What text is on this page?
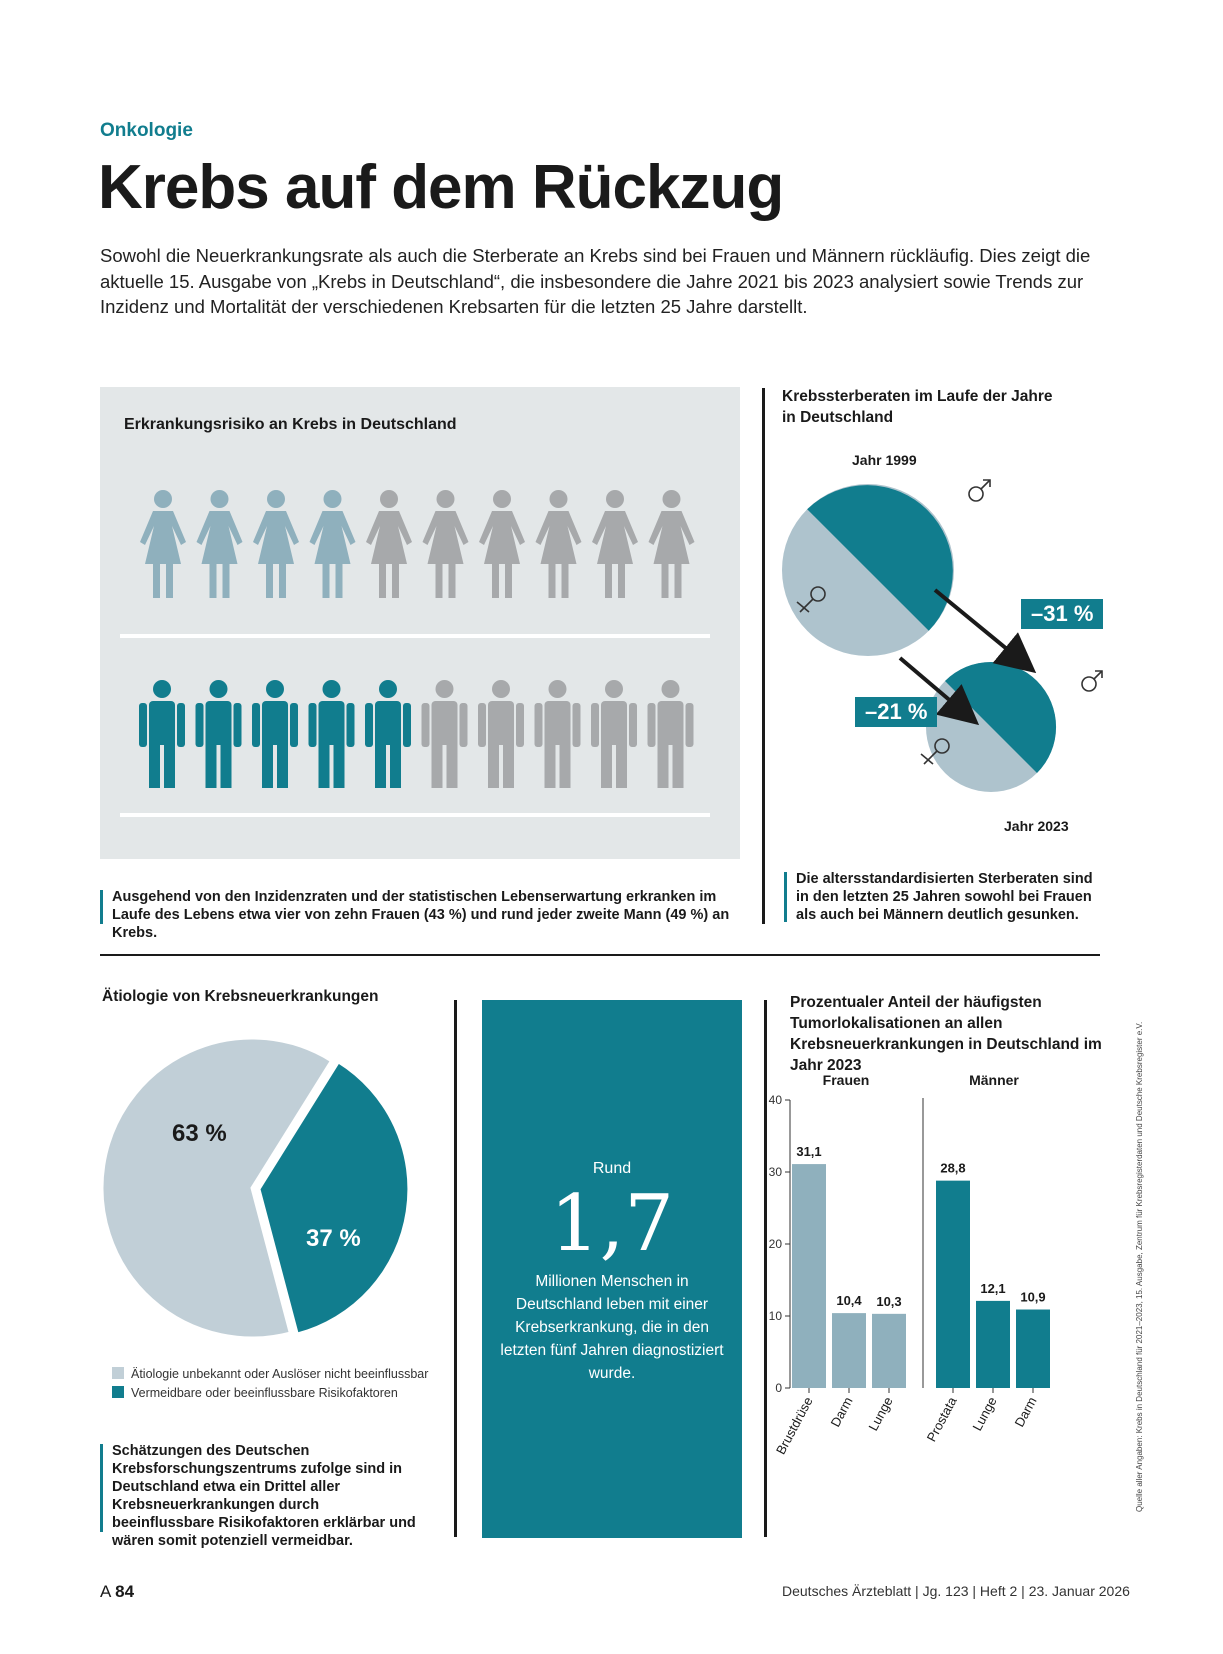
Onkologie
Krebs auf dem Rückzug
Sowohl die Neuerkrankungsrate als auch die Sterberate an Krebs sind bei Frauen und Männern rückläufig. Dies zeigt die aktuelle 15. Ausgabe von „Krebs in Deutschland“, die insbesondere die Jahre 2021 bis 2023 analysiert sowie Trends zur Inzidenz und Mortalität der verschiedenen Krebsarten für die letzten 25 Jahre darstellt.
Erkrankungsrisiko an Krebs in Deutschland
Ausgehend von den Inzidenzraten und der statistischen Lebenserwartung erkranken im Laufe des Lebens etwa vier von zehn Frauen (43 %) und rund jeder zweite Mann (49 %) an Krebs.
Krebssterberaten im Laufe der Jahre in Deutschland
Jahr 1999
–31 %
–21 %
Jahr 2023
Die altersstandardisierten Sterberaten sind in den letzten 25 Jahren sowohl bei Frauen als auch bei Männern deutlich gesunken.
Ätiologie von Krebsneuerkrankungen
63 %
37 %
Ätiologie unbekannt oder Auslöser nicht beeinflussbar
Vermeidbare oder beeinflussbare Risikofaktoren
Schätzungen des Deutschen Krebsforschungszentrums zufolge sind in Deutschland etwa ein Drittel aller Krebsneuerkrankungen durch beeinflussbare Risikofaktoren erklärbar und wären somit potenziell vermeidbar.
Rund
1,7
Millionen Menschen in Deutschland leben mit einer Krebserkrankung, die in den letzten fünf Jahren diagnostiziert wurde.
Prozentualer Anteil der häufigsten Tumorlokalisationen an allen Krebsneuerkrankungen in Deutschland im Jahr 2023
0
10
20
30
40
Frauen
31,1
Brustdrüse
10,4
Darm
10,3
Lunge
Männer
28,8
Prostata
12,1
Lunge
10,9
Darm	Quelle aller Angaben: Krebs in Deutschland für 2021–2023, 15. Ausgabe, Zentrum für Krebsregisterdaten und Deutsche Krebsregister e.V.
A 84	Deutsches Ärzteblatt | Jg. 123 | Heft 2 | 23. Januar 2026
